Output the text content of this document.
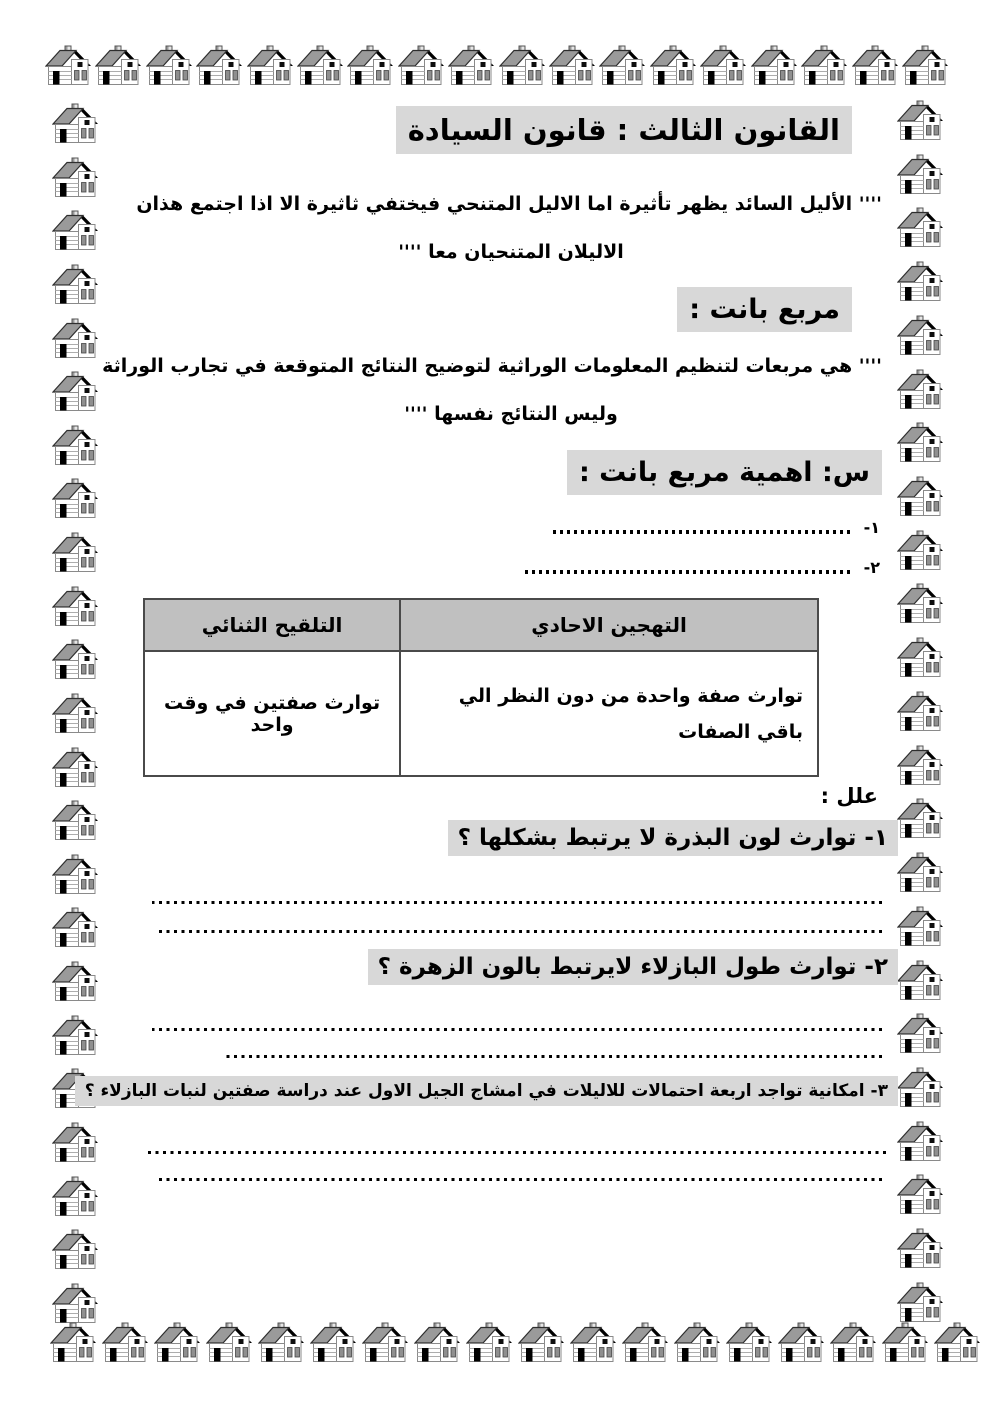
القانون الثالث : قانون السيادة

'''' الأليل السائد يظهر تأثيرة اما الاليل المتنحي فيختفي ثاثيرة الا اذا اجتمع هذان
الاليلان المتنحيان معا ''''

مربع بانت :

'''' هي مربعات لتنظيم المعلومات الوراثية لتوضيح النتائج المتوقعة في تجارب الوراثة
وليس النتائج نفسها ''''

س: اهمية مربع بانت :
١-
٢-
التهجين الاحادي	التلقيح الثنائي
توارث صفة واحدة من دون النظر الي باقي الصفات	توارث صفتين في وقت واحد
علل :
١- توارث لون البذرة لا يرتبط بشكلها ؟
٢- توارث طول البازلاء لايرتبط بالون الزهرة ؟
٣- امكانية تواجد اربعة احتمالات للاليلات في امشاج الجيل الاول عند دراسة صفتين لنبات البازلاء ؟
